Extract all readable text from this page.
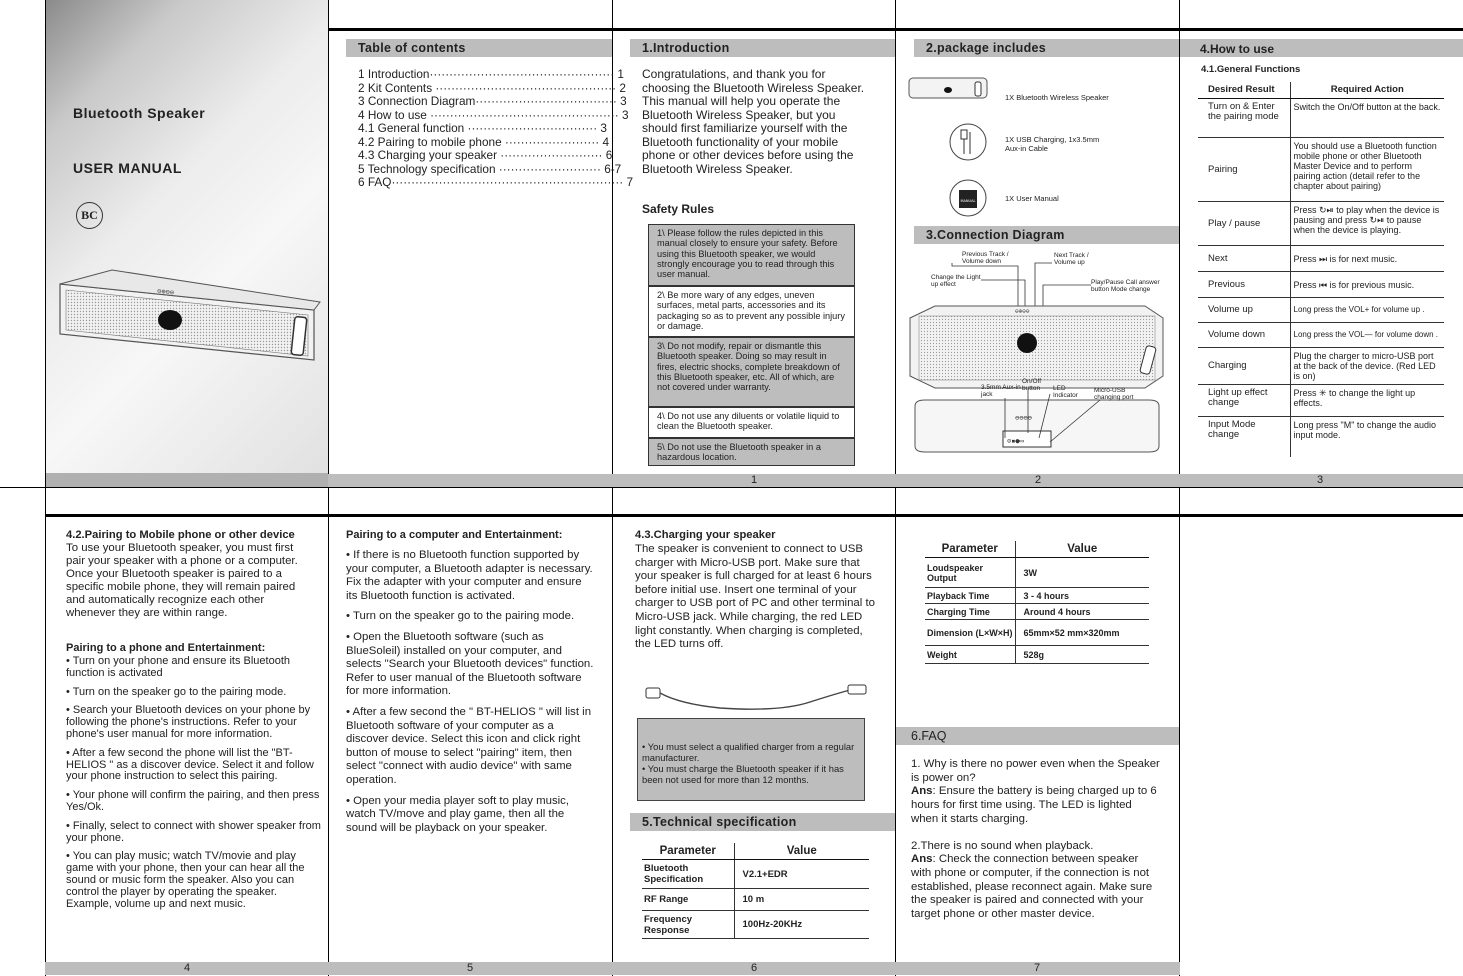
1	2	3
4	5	6	7
Bluetooth Speaker
USER MANUAL
BC
⊖⊕⊖⊖
Table of contents
1 Introduction··············································· 1
2 Kit Contents ·············································· 2
3 Connection Diagram···································· 3
4 How to use ················································ 3
4.1 General function ································· 3
4.2 Pairing to mobile phone ························ 4
4.3 Charging your speaker ·························· 6
5 Technology specification ·························· 6-7
6 FAQ··························································· 7
1.Introduction
Congratulations, and thank you for choosing the Bluetooth Wireless Speaker. This manual will help you operate the Bluetooth Wireless Speaker, but you should first familiarize yourself with the Bluetooth functionality of your mobile phone or other devices before using the Bluetooth Wireless Speaker.
Safety Rules
1\ Please follow the rules depicted in this manual closely to ensure your safety. Before using this Bluetooth speaker, we would strongly encourage you to read through this user manual.
2\ Be more wary of any edges, uneven surfaces, metal parts, accessories and its packaging so as to prevent any possible injury or damage.
3\ Do not modify, repair or dismantle this Bluetooth speaker. Doing so may result in fires, electric shocks, complete breakdown of this Bluetooth speaker, etc. All of which, are not covered under warranty.
4\ Do not use any diluents or volatile liquid to clean the Bluetooth speaker.
5\ Do not use the Bluetooth speaker in a hazardous location.
2.package includes
1X Bluetooth Wireless Speaker
1X USB Charging, 1x3.5mm Aux-in Cable
MANUAL	1X User Manual
3.Connection Diagram
Previous Track / Volume down
Next Track / Volume up
Change the Light up effect	Play/Pause Call answer button Mode change
⊖⊕⊖⊖
⊙▪●▭
⊖⊖⊖⊖
3.5mm Aux-in jack
On/Off button	LED Indicator
Micro-USB changing port
4.How to use
4.1.General Functions
Desired Result	Required Action
Turn on & Enter the pairing mode	Switch the On/Off button at the back.
Pairing	You should use a Bluetooth function mobile phone or other Bluetooth Master Device and to perform pairing action (detail refer to the chapter about pairing)
Play / pause	Press ↻⏯ to play when the device is pausing and press ↻⏯ to pause when the device is playing.
Next	Press ⏭ is for next music.
Previous	Press ⏮ is for previous music.
Volume up	Long press the VOL+ for volume up .
Volume down	Long press the VOL— for volume down .
Charging	Plug the charger to micro-USB port at the back of the device. (Red LED is on)
Light up effect change	Press ✳ to change the light up effects.
Input Mode change	Long press "M" to change the audio input mode.
4.2.Pairing to Mobile phone or other device
To use your Bluetooth speaker, you must first pair your speaker with a phone or a computer. Once your Bluetooth speaker is paired to a specific mobile phone, they will remain paired and automatically recognize each other whenever they are within range.
Pairing to a phone and Entertainment:
• Turn on your phone and ensure its Bluetooth function is activated
• Turn on the speaker go to the pairing mode.
• Search your Bluetooth devices on your phone by following the phone's instructions. Refer to your phone's user manual for more information.
• After a few second the phone will list the "BT-HELIOS " as a discover device. Select it and follow your phone instruction to select this pairing.
• Your phone will confirm the pairing, and then press Yes/Ok.
• Finally, select to connect with shower speaker from your phone.
• You can play music; watch TV/movie and play game with your phone, then your can hear all the sound or music form the speaker. Also you can control the player by operating the speaker. Example, volume up and next music.
Pairing to a computer and Entertainment:
• If there is no Bluetooth function supported by your computer, a Bluetooth adapter is necessary. Fix the adapter with your computer and ensure its Bluetooth function is activated.
• Turn on the speaker go to the pairing mode.
• Open the Bluetooth software (such as BlueSoleil) installed on your computer, and selects "Search your Bluetooth devices" function. Refer to user manual of the Bluetooth software for more information.
• After a few second the " BT-HELIOS " will list in Bluetooth software of your computer as a discover device. Select this icon and click right button of mouse to select "pairing" item, then select "connect with audio device" with same operation.
• Open your media player soft to play music, watch TV/move and play game, then all the sound will be playback on your speaker.
4.3.Charging your speaker
The speaker is convenient to connect to USB charger with Micro-USB port. Make sure that your speaker is full charged for at least 6 hours before initial use. Insert one terminal of your charger to USB port of PC and other terminal to Micro-USB jack. While charging, the red LED light constantly. When charging is completed, the LED turns off.
• You must select a qualified charger from a regular manufacturer.
• You must charge the Bluetooth speaker if it has been not used for more than 12 months.
5.Technical specification
Parameter	Value
Bluetooth Specification	V2.1+EDR
RF Range	10 m
Frequency Response	100Hz-20KHz
Parameter	Value
Loudspeaker Output	3W
Playback Time	3 - 4 hours
Charging Time	Around 4 hours
Dimension (L×W×H)	65mm×52 mm×320mm
Weight	528g
6.FAQ
1. Why is there no power even when the Speaker is power on?
Ans: Ensure the battery is being charged up to 6 hours for first time using. The LED is lighted when it starts charging.
2.There is no sound when playback.
Ans: Check the connection between speaker with phone or computer, if the connection is not established, please reconnect again. Make sure the speaker is paired and connected with your target phone or other master device.
